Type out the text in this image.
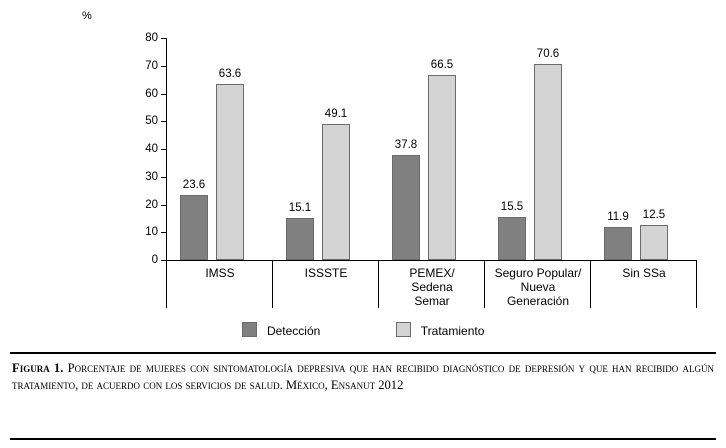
%
0
10
20
30
40
50
60
70
80
23.6
63.6
15.1
49.1
37.8
66.5
15.5
70.6
11.9	12.5
IMSS	ISSSTE	PEMEX/
Sedena
Semar
Seguro Popular/
Nueva
Generación
Sin SSa
Detección	Tratamiento
Figura 1. Porcentaje de mujeres con sintomatología depresiva que han recibido diagnóstico de depresión y que han recibido algún tratamiento, de acuerdo con los servicios de salud. México, Ensanut 2012
